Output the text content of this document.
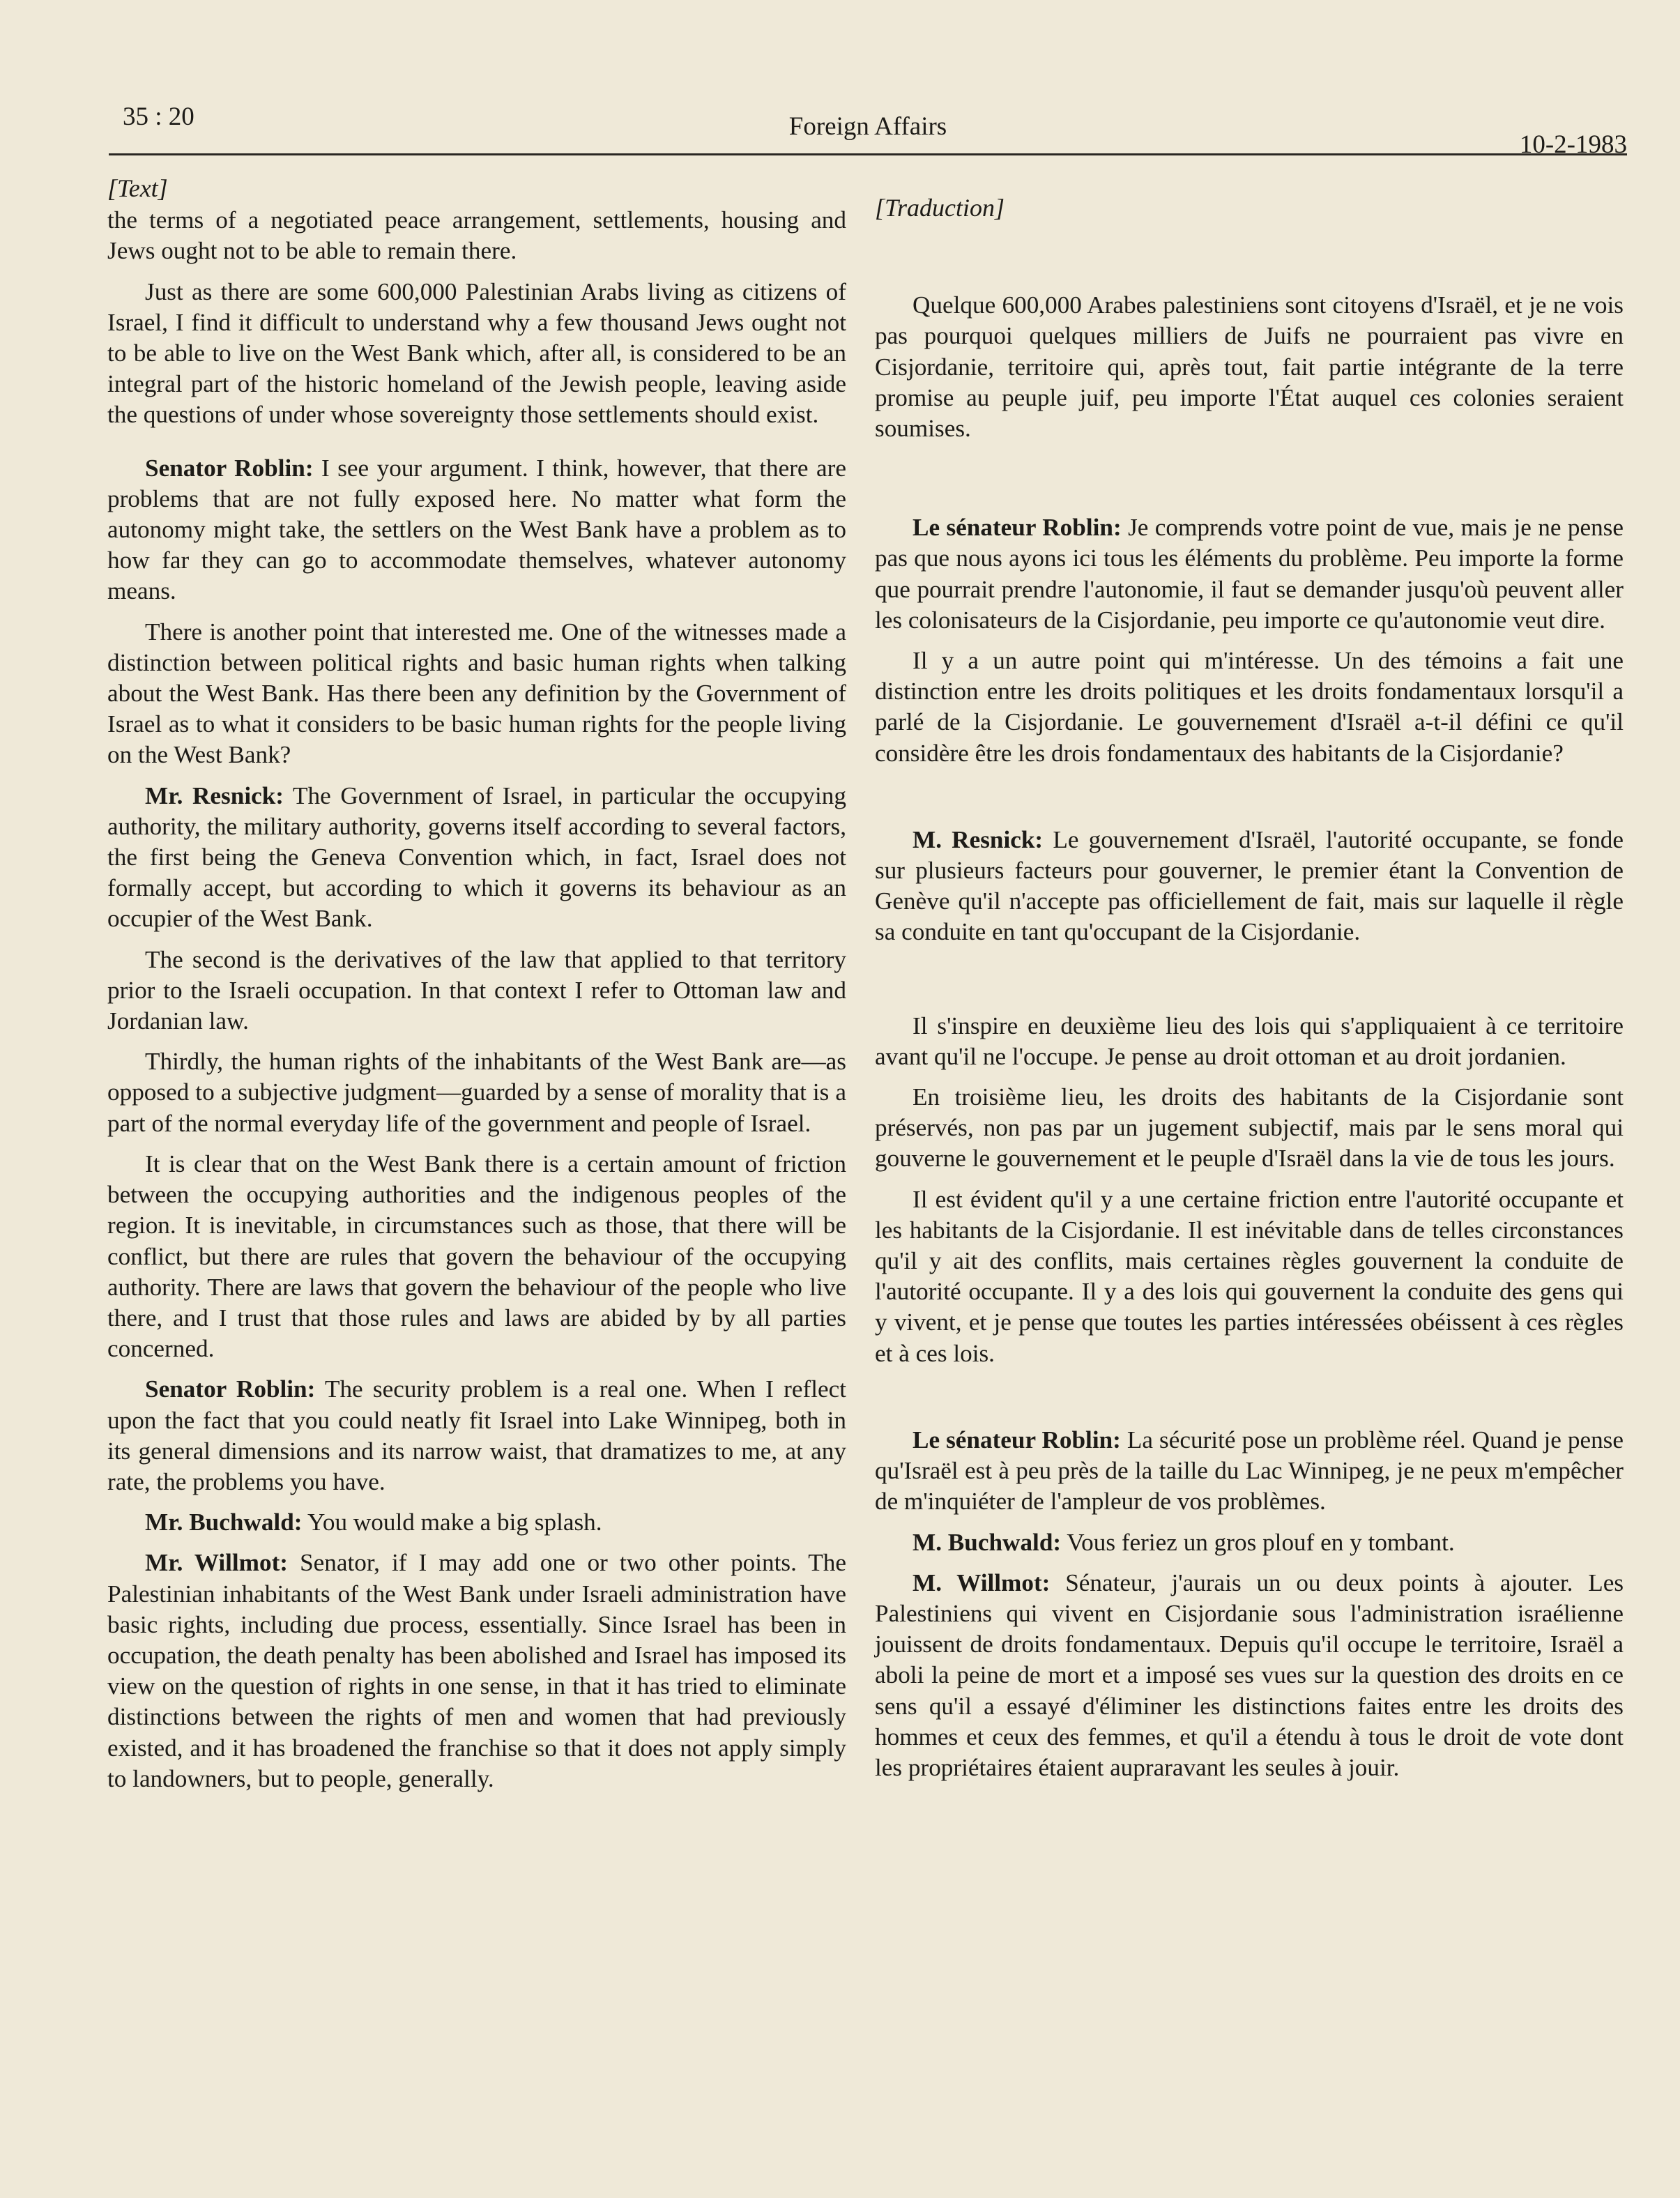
35 : 20	Foreign Affairs
10-2-1983
[Text]

the terms of a negotiated peace arrangement, settlements, housing and Jews ought not to be able to remain there.

Just as there are some 600,000 Palestinian Arabs living as citizens of Israel, I find it difficult to understand why a few thousand Jews ought not to be able to live on the West Bank which, after all, is considered to be an integral part of the historic homeland of the Jewish people, leaving aside the questions of under whose sovereignty those settlements should exist.

Senator Roblin: I see your argument. I think, however, that there are problems that are not fully exposed here. No matter what form the autonomy might take, the settlers on the West Bank have a problem as to how far they can go to accommodate themselves, whatever autonomy means.

There is another point that interested me. One of the witnesses made a distinction between political rights and basic human rights when talking about the West Bank. Has there been any definition by the Government of Israel as to what it considers to be basic human rights for the people living on the West Bank?

Mr. Resnick: The Government of Israel, in particular the occupying authority, the military authority, governs itself according to several factors, the first being the Geneva Convention which, in fact, Israel does not formally accept, but according to which it governs its behaviour as an occupier of the West Bank.

The second is the derivatives of the law that applied to that territory prior to the Israeli occupation. In that context I refer to Ottoman law and Jordanian law.

Thirdly, the human rights of the inhabitants of the West Bank are—as opposed to a subjective judgment—guarded by a sense of morality that is a part of the normal everyday life of the government and people of Israel.

It is clear that on the West Bank there is a certain amount of friction between the occupying authorities and the indigenous peoples of the region. It is inevitable, in circumstances such as those, that there will be conflict, but there are rules that govern the behaviour of the occupying authority. There are laws that govern the behaviour of the people who live there, and I trust that those rules and laws are abided by by all parties concerned.

Senator Roblin: The security problem is a real one. When I reflect upon the fact that you could neatly fit Israel into Lake Winnipeg, both in its general dimensions and its narrow waist, that dramatizes to me, at any rate, the problems you have.

Mr. Buchwald: You would make a big splash.

Mr. Willmot: Senator, if I may add one or two other points. The Palestinian inhabitants of the West Bank under Israeli administration have basic rights, including due process, essentially. Since Israel has been in occupation, the death penalty has been abolished and Israel has imposed its view on the question of rights in one sense, in that it has tried to eliminate distinctions between the rights of men and women that had previously existed, and it has broadened the franchise so that it does not apply simply to landowners, but to people, generally.

[Traduction]

Quelque 600,000 Arabes palestiniens sont citoyens d'Israël, et je ne vois pas pourquoi quelques milliers de Juifs ne pourraient pas vivre en Cisjordanie, territoire qui, après tout, fait partie intégrante de la terre promise au peuple juif, peu importe l'État auquel ces colonies seraient soumises.

Le sénateur Roblin: Je comprends votre point de vue, mais je ne pense pas que nous ayons ici tous les éléments du problème. Peu importe la forme que pourrait prendre l'autonomie, il faut se demander jusqu'où peuvent aller les colonisateurs de la Cisjordanie, peu importe ce qu'autonomie veut dire.

Il y a un autre point qui m'intéresse. Un des témoins a fait une distinction entre les droits politiques et les droits fondamentaux lorsqu'il a parlé de la Cisjordanie. Le gouvernement d'Israël a-t-il défini ce qu'il considère être les drois fondamentaux des habitants de la Cisjordanie?

M. Resnick: Le gouvernement d'Israël, l'autorité occupante, se fonde sur plusieurs facteurs pour gouverner, le premier étant la Convention de Genève qu'il n'accepte pas officiellement de fait, mais sur laquelle il règle sa conduite en tant qu'occupant de la Cisjordanie.

Il s'inspire en deuxième lieu des lois qui s'appliquaient à ce territoire avant qu'il ne l'occupe. Je pense au droit ottoman et au droit jordanien.

En troisième lieu, les droits des habitants de la Cisjordanie sont préservés, non pas par un jugement subjectif, mais par le sens moral qui gouverne le gouvernement et le peuple d'Israël dans la vie de tous les jours.

Il est évident qu'il y a une certaine friction entre l'autorité occupante et les habitants de la Cisjordanie. Il est inévitable dans de telles circonstances qu'il y ait des conflits, mais certaines règles gouvernent la conduite de l'autorité occupante. Il y a des lois qui gouvernent la conduite des gens qui y vivent, et je pense que toutes les parties intéressées obéissent à ces règles et à ces lois.

Le sénateur Roblin: La sécurité pose un problème réel. Quand je pense qu'Israël est à peu près de la taille du Lac Winnipeg, je ne peux m'empêcher de m'inquiéter de l'ampleur de vos problèmes.

M. Buchwald: Vous feriez un gros plouf en y tombant.

M. Willmot: Sénateur, j'aurais un ou deux points à ajouter. Les Palestiniens qui vivent en Cisjordanie sous l'administration israélienne jouissent de droits fondamentaux. Depuis qu'il occupe le territoire, Israël a aboli la peine de mort et a imposé ses vues sur la question des droits en ce sens qu'il a essayé d'éliminer les distinctions faites entre les droits des hommes et ceux des femmes, et qu'il a étendu à tous le droit de vote dont les propriétaires étaient aupraravant les seules à jouir.
